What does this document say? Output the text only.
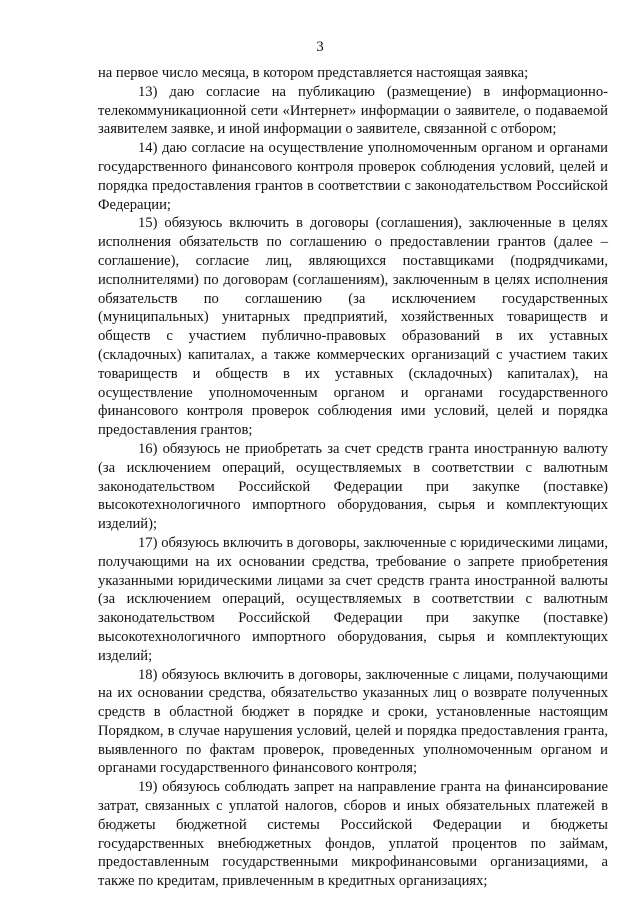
3

на первое число месяца, в котором представляется настоящая заявка;

13) даю согласие на публикацию (размещение) в информационно-телекоммуникационной сети «Интернет» информации о заявителе, о подаваемой заявителем заявке, и иной информации о заявителе, связанной с отбором;

14) даю согласие на осуществление уполномоченным органом и органами государственного финансового контроля проверок соблюдения условий, целей и порядка предоставления грантов в соответствии с законодательством Российской Федерации;

15) обязуюсь включить в договоры (соглашения), заключенные в целях исполнения обязательств по соглашению о предоставлении грантов (далее – соглашение), согласие лиц, являющихся поставщиками (подрядчиками, исполнителями) по договорам (соглашениям), заключенным в целях исполнения обязательств по соглашению (за исключением государственных (муниципальных) унитарных предприятий, хозяйственных товариществ и обществ с участием публично-правовых образований в их уставных (складочных) капиталах, а также коммерческих организаций с участием таких товариществ и обществ в их уставных (складочных) капиталах), на осуществление уполномоченным органом и органами государственного финансового контроля проверок соблюдения ими условий, целей и порядка предоставления грантов;

16) обязуюсь не приобретать за счет средств гранта иностранную валюту (за исключением операций, осуществляемых в соответствии с валютным законодательством Российской Федерации при закупке (поставке) высокотехнологичного импортного оборудования, сырья и комплектующих изделий);

17) обязуюсь включить в договоры, заключенные с юридическими лицами, получающими на их основании средства, требование о запрете приобретения указанными юридическими лицами за счет средств гранта иностранной валюты (за исключением операций, осуществляемых в соответствии с валютным законодательством Российской Федерации при закупке (поставке) высокотехнологичного импортного оборудования, сырья и комплектующих изделий;

18) обязуюсь включить в договоры, заключенные с лицами, получающими на их основании средства, обязательство указанных лиц о возврате полученных средств в областной бюджет в порядке и сроки, установленные настоящим Порядком, в случае нарушения условий, целей и порядка предоставления гранта, выявленного по фактам проверок, проведенных уполномоченным органом и органами государственного финансового контроля;

19) обязуюсь соблюдать запрет на направление гранта на финансирование затрат, связанных с уплатой налогов, сборов и иных обязательных платежей в бюджеты бюджетной системы Российской Федерации и бюджеты государственных внебюджетных фондов, уплатой процентов по займам, предоставленным государственными микрофинансовыми организациями, а также по кредитам, привлеченным в кредитных организациях;
